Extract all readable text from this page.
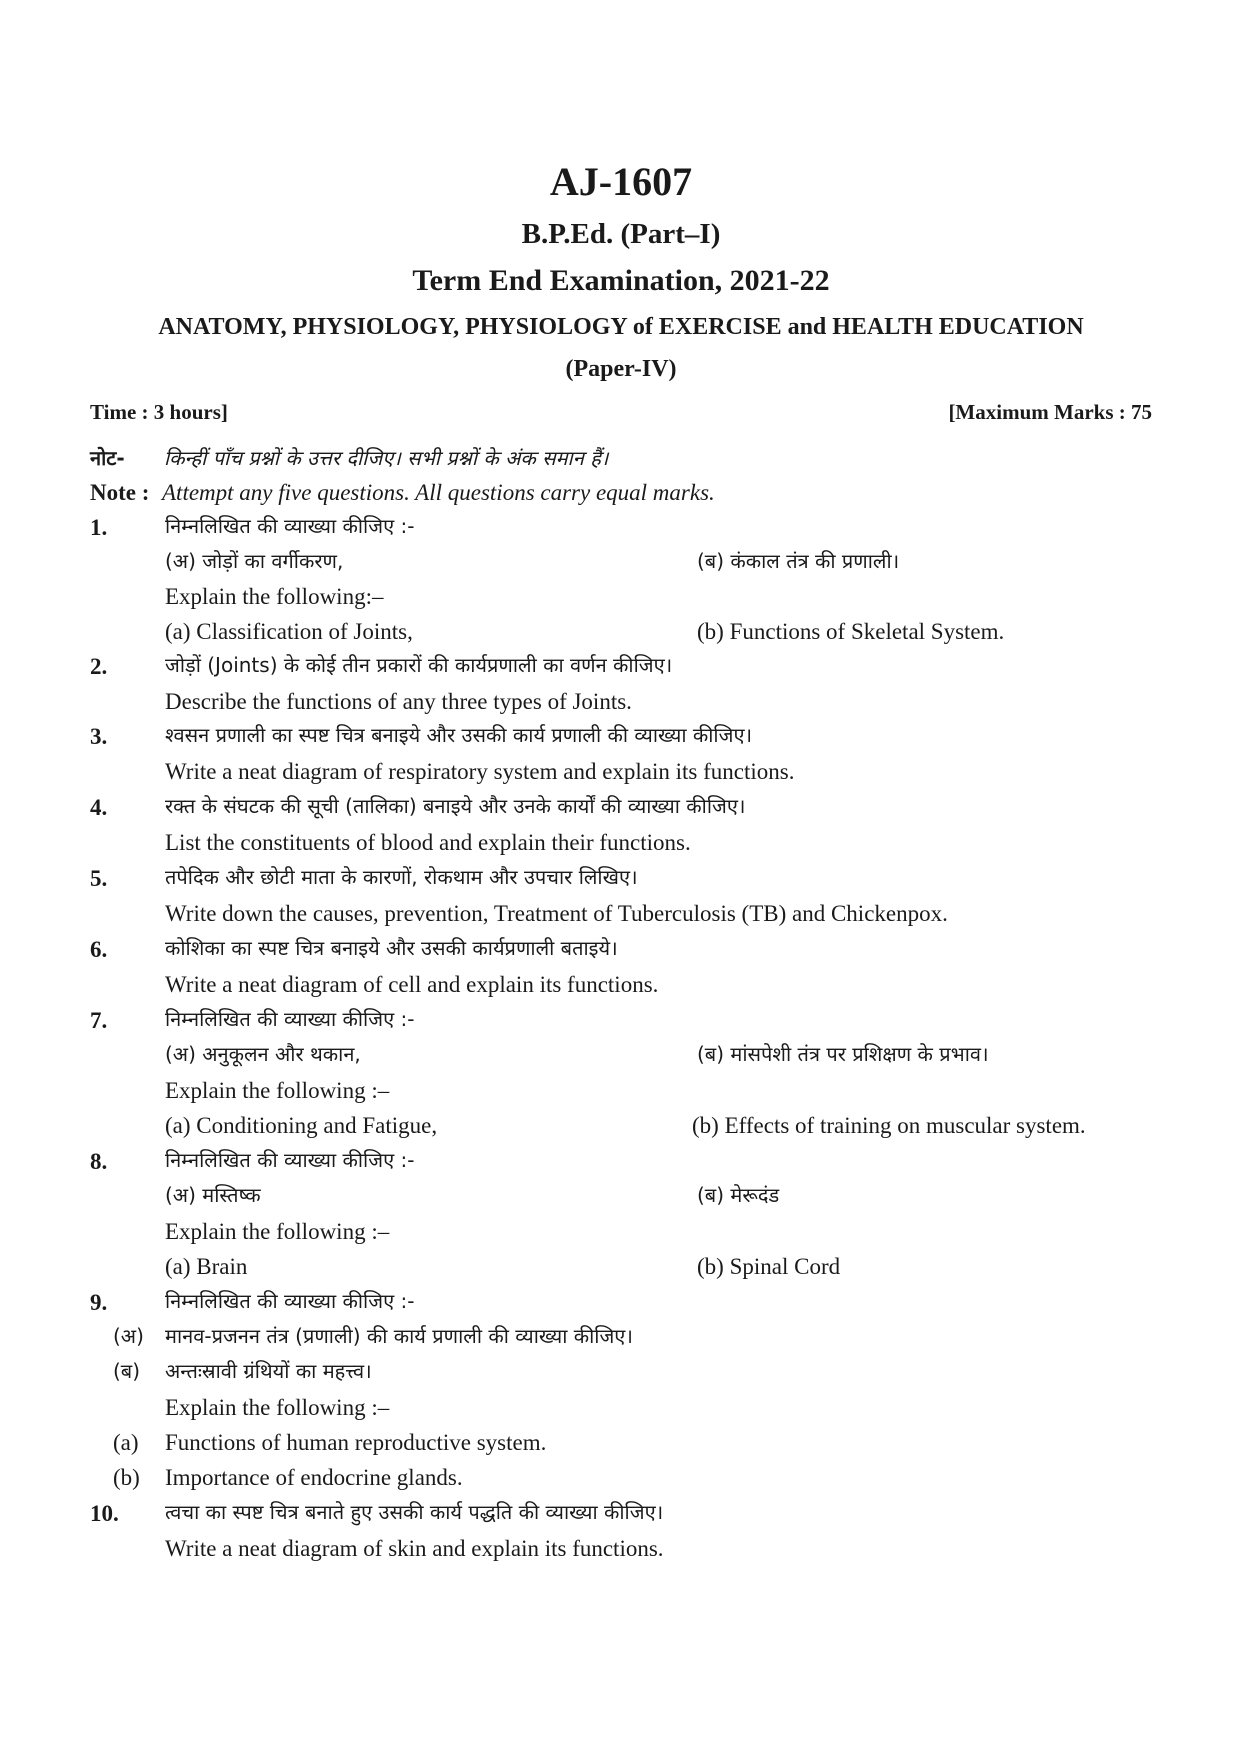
AJ-1607
B.P.Ed. (Part–I)
Term End Examination, 2021-22
ANATOMY, PHYSIOLOGY, PHYSIOLOGY of EXERCISE and HEALTH EDUCATION
(Paper-IV)
Time : 3 hours]	[Maximum Marks : 75
नोट- किन्हीं पाँच प्रश्नों के उत्तर दीजिए। सभी प्रश्नों के अंक समान हैं।
Note : Attempt any five questions. All questions carry equal marks.
1.	निम्नलिखित की व्याख्या कीजिए :-
(अ) जोड़ों का वर्गीकरण,	(ब) कंकाल तंत्र की प्रणाली।
Explain the following:–
(a) Classification of Joints,	(b) Functions of Skeletal System.
2.	जोड़ों (Joints) के कोई तीन प्रकारों की कार्यप्रणाली का वर्णन कीजिए।
Describe the functions of any three types of Joints.
3.	श्वसन प्रणाली का स्पष्ट चित्र बनाइये और उसकी कार्य प्रणाली की व्याख्या कीजिए।
Write a neat diagram of respiratory system and explain its functions.
4.	रक्त के संघटक की सूची (तालिका) बनाइये और उनके कार्यों की व्याख्या कीजिए।
List the constituents of blood and explain their functions.
5.	तपेदिक और छोटी माता के कारणों, रोकथाम और उपचार लिखिए।
Write down the causes, prevention, Treatment of Tuberculosis (TB) and Chickenpox.
6.	कोशिका का स्पष्ट चित्र बनाइये और उसकी कार्यप्रणाली बताइये।
Write a neat diagram of cell and explain its functions.
7.	निम्नलिखित की व्याख्या कीजिए :-
(अ) अनुकूलन और थकान,	(ब) मांसपेशी तंत्र पर प्रशिक्षण के प्रभाव।
Explain the following :–
(a) Conditioning and Fatigue,	(b) Effects of training on muscular system.
8.	निम्नलिखित की व्याख्या कीजिए :-
(अ) मस्तिष्क	(ब) मेरूदंड
Explain the following :–
(a) Brain	(b) Spinal Cord
9.	निम्नलिखित की व्याख्या कीजिए :-
(अ) मानव-प्रजनन तंत्र (प्रणाली) की कार्य प्रणाली की व्याख्या कीजिए।
(ब) अन्तःस्रावी ग्रंथियों का महत्त्व।
Explain the following :–
(a) Functions of human reproductive system.
(b) Importance of endocrine glands.
10. त्वचा का स्पष्ट चित्र बनाते हुए उसकी कार्य पद्धति की व्याख्या कीजिए।
Write a neat diagram of skin and explain its functions.
